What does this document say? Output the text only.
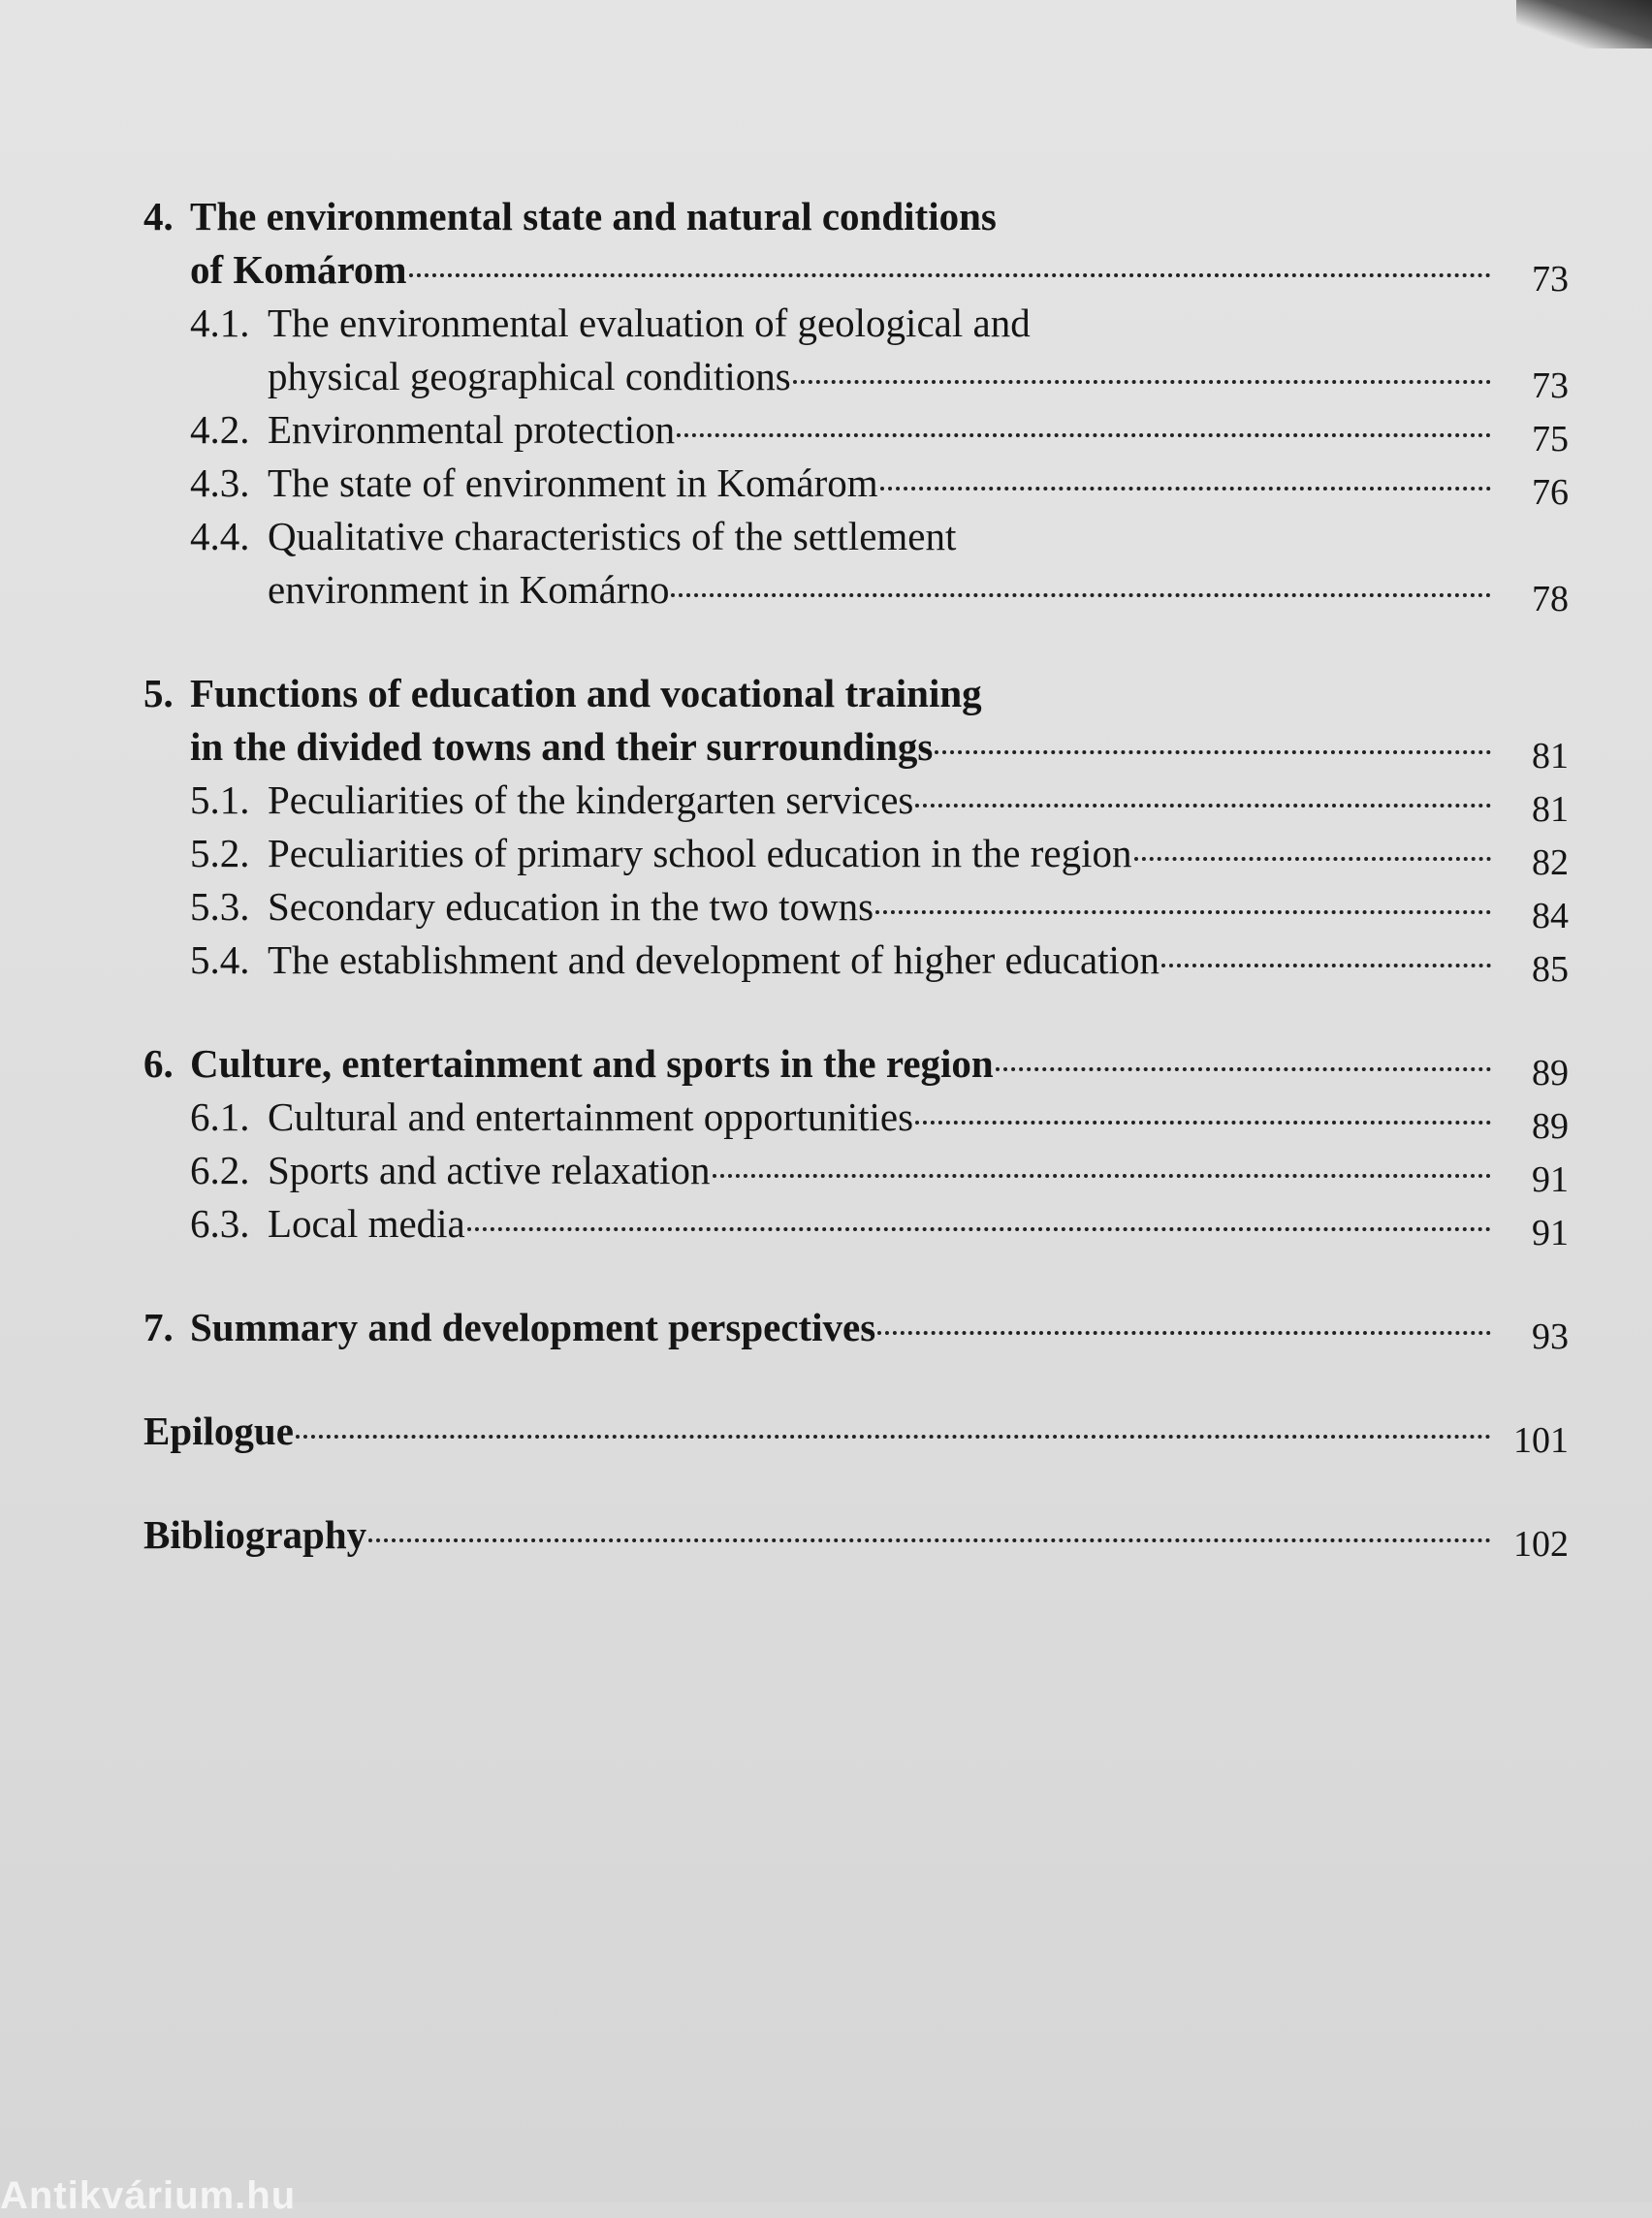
4. The environmental state and natural conditions
of Komárom	73
4.1. The environmental evaluation of geological and
physical geographical conditions	73
4.2. Environmental protection	75
4.3. The state of environment in Komárom	76
4.4. Qualitative characteristics of the settlement
environment in Komárno	78
5. Functions of education and vocational training
in the divided towns and their surroundings	81
5.1. Peculiarities of the kindergarten services	81
5.2. Peculiarities of primary school education in the region	82
5.3. Secondary education in the two towns	84
5.4. The establishment and development of higher education	85
6. Culture, entertainment and sports in the region	89
6.1. Cultural and entertainment opportunities	89
6.2. Sports and active relaxation	91
6.3. Local media	91
7. Summary and development perspectives	93
Epilogue	101
Bibliography	102
Antikvárium.hu
